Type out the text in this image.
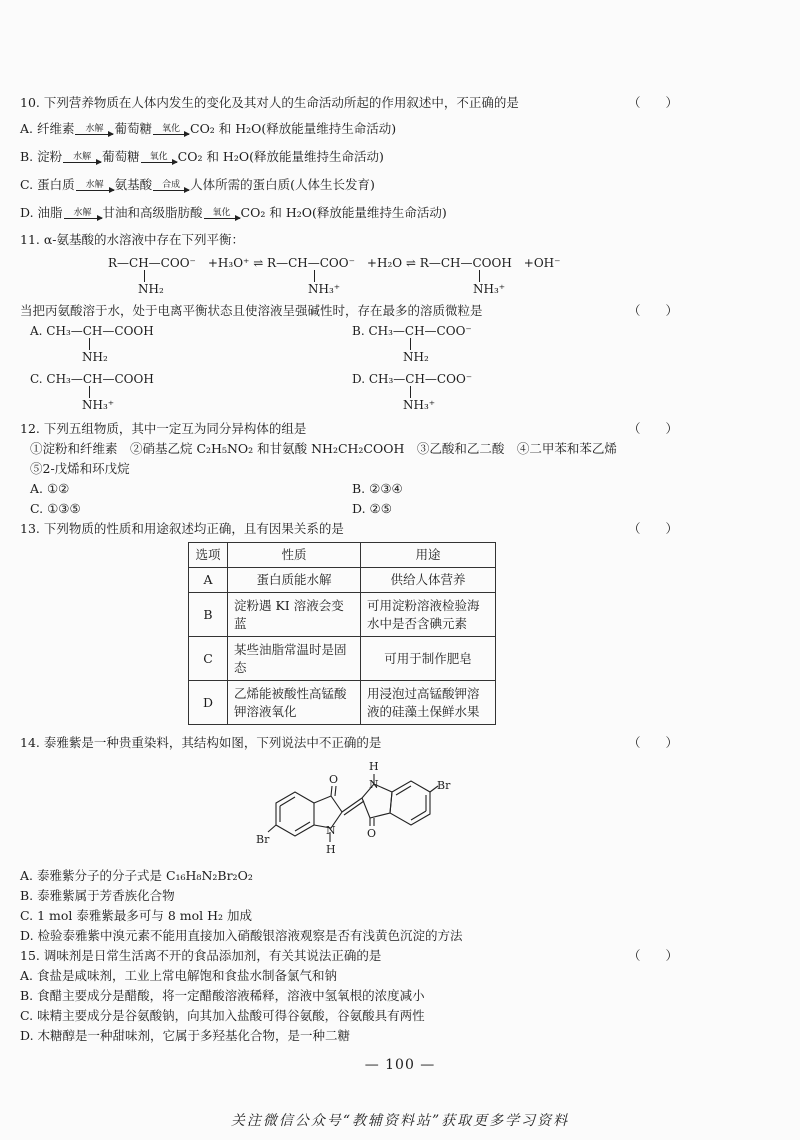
10. 下列营养物质在人体内发生的变化及其对人的生命活动所起的作用叙述中，不正确的是	（　　）
A. 纤维素	水解 葡萄糖	氧化 CO₂ 和 H₂O(释放能量维持生命活动)
B. 淀粉	水解 葡萄糖	氧化 CO₂ 和 H₂O(释放能量维持生命活动)
C. 蛋白质	水解 氨基酸	合成 人体所需的蛋白质(人体生长发育)
D. 油脂	水解 甘油和高级脂肪酸	氧化 CO₂ 和 H₂O(释放能量维持生命活动)
11. α-氨基酸的水溶液中存在下列平衡：
R—CH—COO⁻　+H₃O⁺ ⇌ R—CH—COO⁻　+H₂O ⇌ R—CH—COOH　+OH⁻
NH₂	NH₃⁺	NH₃⁺
当把丙氨酸溶于水，处于电离平衡状态且使溶液呈强碱性时，存在最多的溶质微粒是	（　　）
A. CH₃—CH—COOH
NH₂
B. CH₃—CH—COO⁻
NH₂
C. CH₃—CH—COOH
NH₃⁺
D. CH₃—CH—COO⁻
NH₃⁺
12. 下列五组物质，其中一定互为同分异构体的组是	（　　）
①淀粉和纤维素　②硝基乙烷 C₂H₅NO₂ 和甘氨酸 NH₂CH₂COOH　③乙酸和乙二酸　④二甲苯和苯乙烯
⑤2-戊烯和环戊烷
A. ①②	B. ②③④
C. ①③⑤	D. ②⑤
13. 下列物质的性质和用途叙述均正确，且有因果关系的是	（　　）
选项	性质	用途
A	蛋白质能水解	供给人体营养
B	淀粉遇 KI 溶液会变蓝	可用淀粉溶液检验海水中是否含碘元素
C	某些油脂常温时是固态	可用于制作肥皂
D	乙烯能被酸性高锰酸钾溶液氧化	用浸泡过高锰酸钾溶液的硅藻土保鲜水果
14. 泰雅紫是一种贵重染料，其结构如图，下列说法中不正确的是	（　　）
O
N
H
Br	O
N
H
Br
A. 泰雅紫分子的分子式是 C₁₆H₈N₂Br₂O₂
B. 泰雅紫属于芳香族化合物
C. 1 mol 泰雅紫最多可与 8 mol H₂ 加成
D. 检验泰雅紫中溴元素不能用直接加入硝酸银溶液观察是否有浅黄色沉淀的方法
15. 调味剂是日常生活离不开的食品添加剂，有关其说法正确的是	（　　）
A. 食盐是咸味剂，工业上常电解饱和食盐水制备氯气和钠
B. 食醋主要成分是醋酸，将一定醋酸溶液稀释，溶液中氢氧根的浓度减小
C. 味精主要成分是谷氨酸钠，向其加入盐酸可得谷氨酸，谷氨酸具有两性
D. 木糖醇是一种甜味剂，它属于多羟基化合物，是一种二糖
— 100 —
关注微信公众号“教辅资料站”获取更多学习资料
